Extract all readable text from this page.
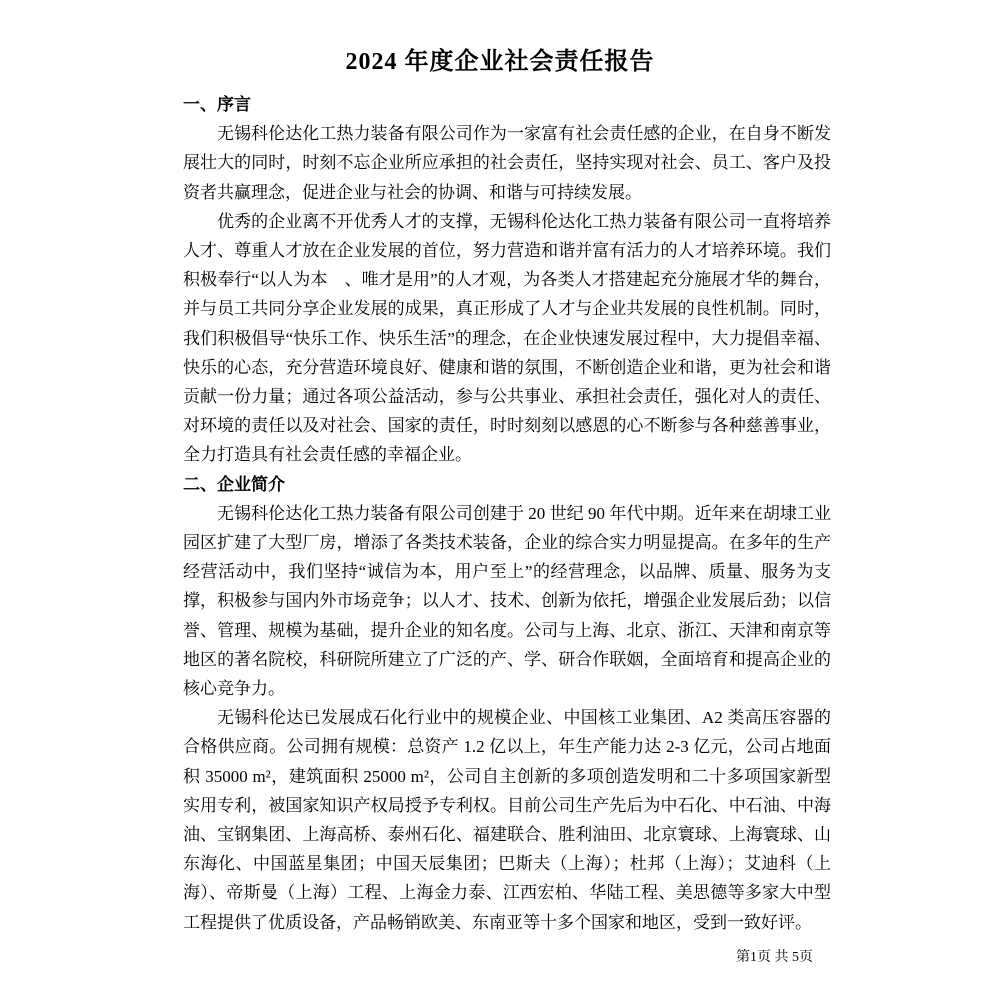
2024 年度企业社会责任报告
一、序言

无锡科伦达化工热力装备有限公司作为一家富有社会责任感的企业，在自身不断发展壮大的同时，时刻不忘企业所应承担的社会责任，坚持实现对社会、员工、客户及投资者共赢理念，促进企业与社会的协调、和谐与可持续发展。

优秀的企业离不开优秀人才的支撑，无锡科伦达化工热力装备有限公司一直将培养人才、尊重人才放在企业发展的首位，努力营造和谐并富有活力的人才培养环境。我们积极奉行“以人为本　、唯才是用”的人才观，为各类人才搭建起充分施展才华的舞台，并与员工共同分享企业发展的成果，真正形成了人才与企业共发展的良性机制。同时，我们积极倡导“快乐工作、快乐生活”的理念，在企业快速发展过程中，大力提倡幸福、快乐的心态，充分营造环境良好、健康和谐的氛围，不断创造企业和谐，更为社会和谐贡献一份力量；通过各项公益活动，参与公共事业、承担社会责任，强化对人的责任、对环境的责任以及对社会、国家的责任，时时刻刻以感恩的心不断参与各种慈善事业，全力打造具有社会责任感的幸福企业。

二、企业简介

无锡科伦达化工热力装备有限公司创建于 20 世纪 90 年代中期。近年来在胡埭工业园区扩建了大型厂房，增添了各类技术装备，企业的综合实力明显提高。在多年的生产经营活动中，我们坚持“诚信为本，用户至上”的经营理念，以品牌、质量、服务为支撑，积极参与国内外市场竞争；以人才、技术、创新为依托，增强企业发展后劲；以信誉、管理、规模为基础，提升企业的知名度。公司与上海、北京、浙江、天津和南京等地区的著名院校，科研院所建立了广泛的产、学、研合作联姻，全面培育和提高企业的核心竞争力。

无锡科伦达已发展成石化行业中的规模企业、中国核工业集团、A2 类高压容器的合格供应商。公司拥有规模：总资产 1.2 亿以上，年生产能力达 2-3 亿元，公司占地面积 35000 m²，建筑面积 25000 m²，公司自主创新的多项创造发明和二十多项国家新型实用专利，被国家知识产权局授予专利权。目前公司生产先后为中石化、中石油、中海油、宝钢集团、上海高桥、泰州石化、福建联合、胜利油田、北京寰球、上海寰球、山东海化、中国蓝星集团；中国天辰集团；巴斯夫（上海）；杜邦（上海）；艾迪科（上海）、帝斯曼（上海）工程、上海金力泰、江西宏柏、华陆工程、美思德等多家大中型工程提供了优质设备，产品畅销欧美、东南亚等十多个国家和地区，受到一致好评。

第1页 共 5页
